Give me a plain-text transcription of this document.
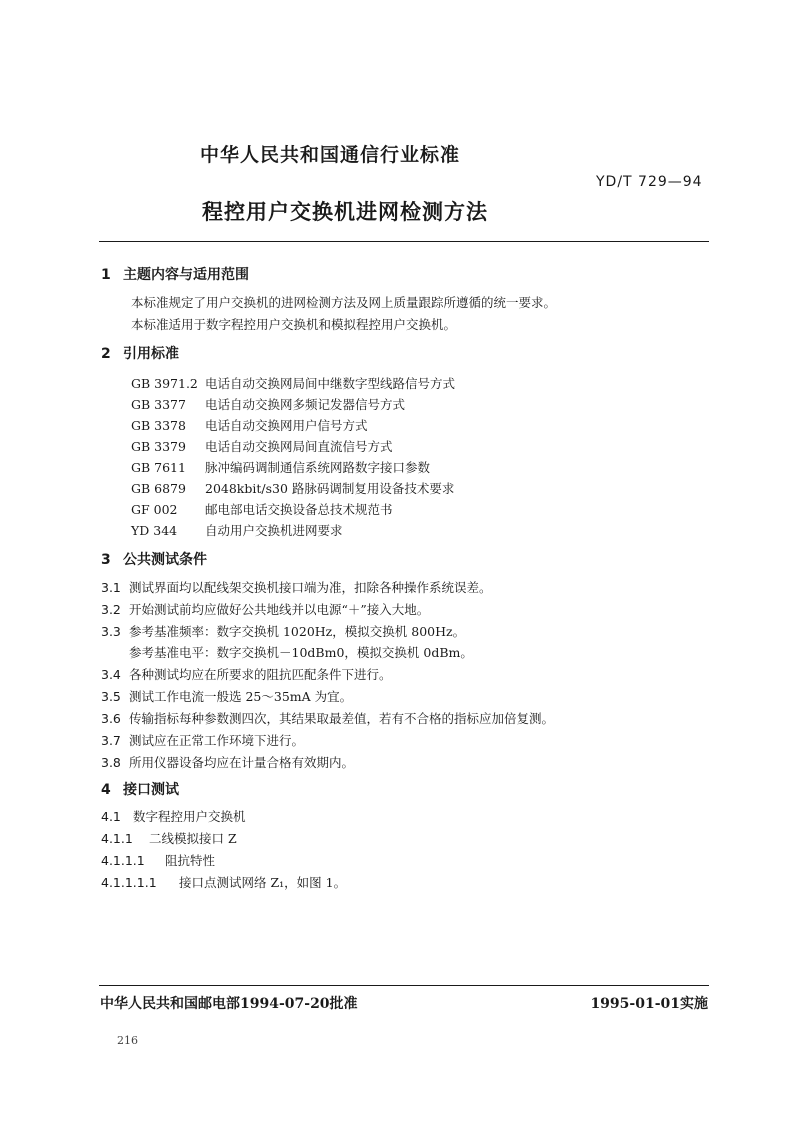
中华人民共和国通信行业标准
YD/T 729—94
程控用户交换机进网检测方法
1 主题内容与适用范围
本标准规定了用户交换机的进网检测方法及网上质量跟踪所遵循的统一要求。
本标准适用于数字程控用户交换机和模拟程控用户交换机。
2 引用标准
GB 3971.2 电话自动交换网局间中继数字型线路信号方式
GB 3377 电话自动交换网多频记发器信号方式
GB 3378 电话自动交换网用户信号方式
GB 3379 电话自动交换网局间直流信号方式
GB 7611 脉冲编码调制通信系统网路数字接口参数
GB 6879 2048kbit/s30 路脉码调制复用设备技术要求
GF 002 邮电部电话交换设备总技术规范书
YD 344 自动用户交换机进网要求
3 公共测试条件
3.1 测试界面均以配线架交换机接口端为准，扣除各种操作系统误差。
3.2 开始测试前均应做好公共地线并以电源“＋”接入大地。
3.3 参考基准频率：数字交换机 1020Hz，模拟交换机 800Hz。
参考基准电平：数字交换机－10dBm0，模拟交换机 0dBm。
3.4 各种测试均应在所要求的阻抗匹配条件下进行。
3.5 测试工作电流一般选 25～35mA 为宜。
3.6 传输指标每种参数测四次，其结果取最差值，若有不合格的指标应加倍复测。
3.7 测试应在正常工作环境下进行。
3.8 所用仪器设备均应在计量合格有效期内。
4 接口测试
4.1 数字程控用户交换机
4.1.1 二线模拟接口 Z
4.1.1.1 阻抗特性
4.1.1.1.1 接口点测试网络 Z₁，如图 1。
中华人民共和国邮电部1994-07-20批准	1995-01-01实施
216
